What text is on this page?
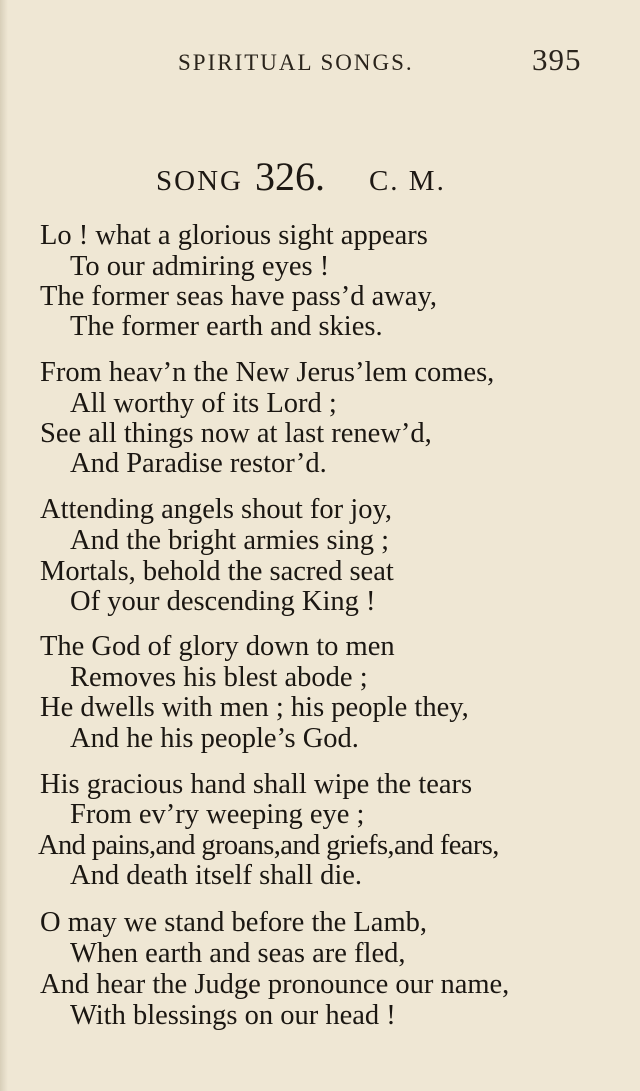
SPIRITUAL SONGS.	395
SONG 326. C. M.
Lo ! what a glorious sight appears
To our admiring eyes !
The former seas have pass’d away,
The former earth and skies.
From heav’n the New Jerus’lem comes,
All worthy of its Lord ;
See all things now at last renew’d,
And Paradise restor’d.
Attending angels shout for joy,
And the bright armies sing ;
Mortals, behold the sacred seat
Of your descending King !
The God of glory down to men
Removes his blest abode ;
He dwells with men ; his people they,
And he his people’s God.
His gracious hand shall wipe the tears
From ev’ry weeping eye ;
And pains,and groans,and griefs,and fears,
And death itself shall die.
O may we stand before the Lamb,
When earth and seas are fled,
And hear the Judge pronounce our name,
With blessings on our head !
